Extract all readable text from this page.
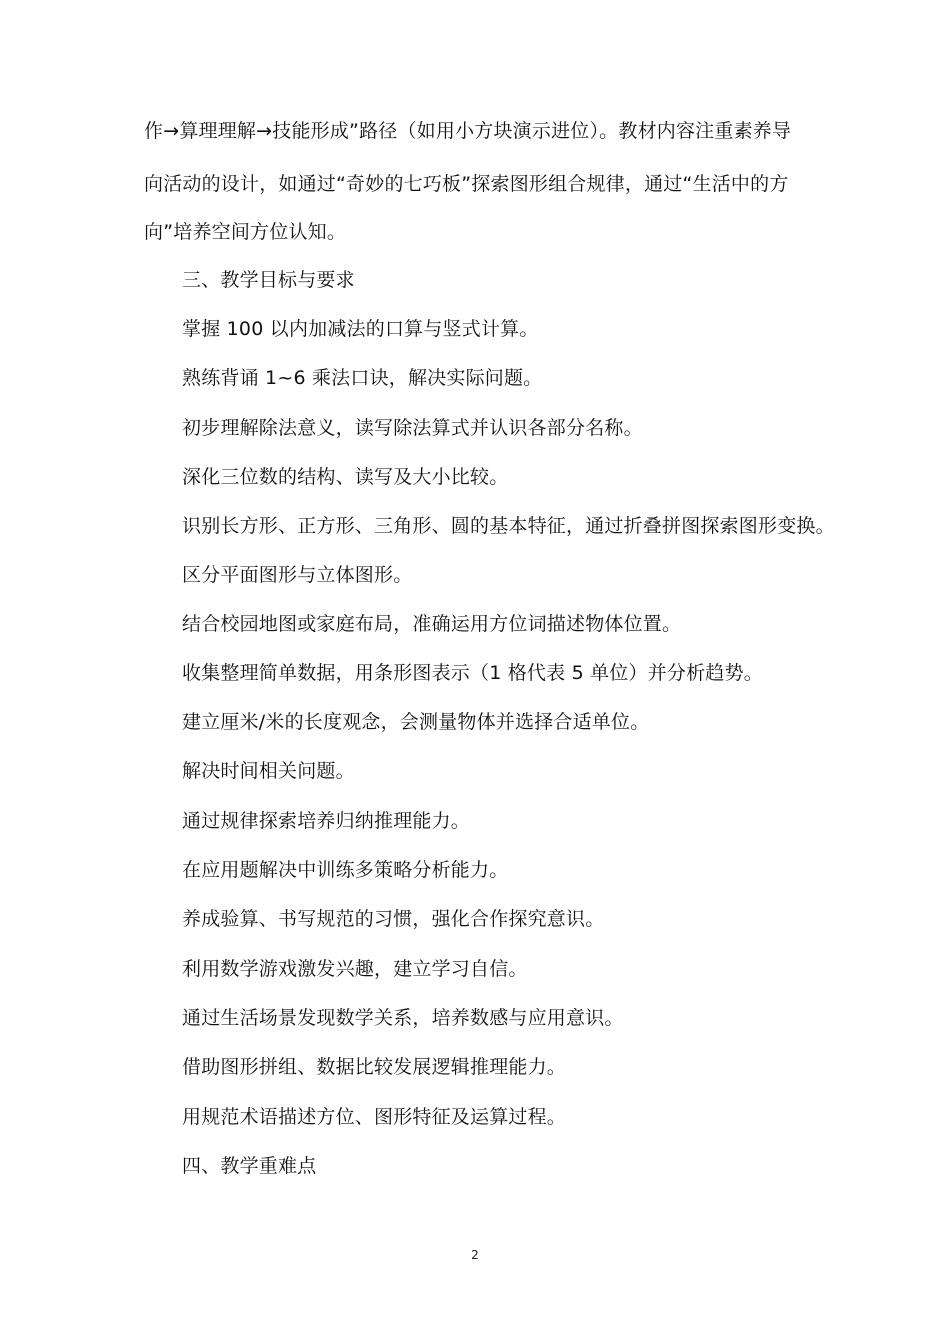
作→算理理解→技能形成”路径（如用小方块演示进位）。教材内容注重素养导
向活动的设计，如通过“奇妙的七巧板”探索图形组合规律，通过“生活中的方
向”培养空间方位认知。
三、教学目标与要求
掌握 100 以内加减法的口算与竖式计算。
熟练背诵 1~6 乘法口诀，解决实际问题。
初步理解除法意义，读写除法算式并认识各部分名称。
深化三位数的结构、读写及大小比较。
识别长方形、正方形、三角形、圆的基本特征，通过折叠拼图探索图形变换。
区分平面图形与立体图形。
结合校园地图或家庭布局，准确运用方位词描述物体位置。
收集整理简单数据，用条形图表示（1 格代表 5 单位）并分析趋势。
建立厘米/米的长度观念，会测量物体并选择合适单位。
解决时间相关问题。
通过规律探索培养归纳推理能力。
在应用题解决中训练多策略分析能力。
养成验算、书写规范的习惯，强化合作探究意识。
利用数学游戏激发兴趣，建立学习自信。
通过生活场景发现数学关系，培养数感与应用意识。
借助图形拼组、数据比较发展逻辑推理能力。
用规范术语描述方位、图形特征及运算过程。
四、教学重难点
2
